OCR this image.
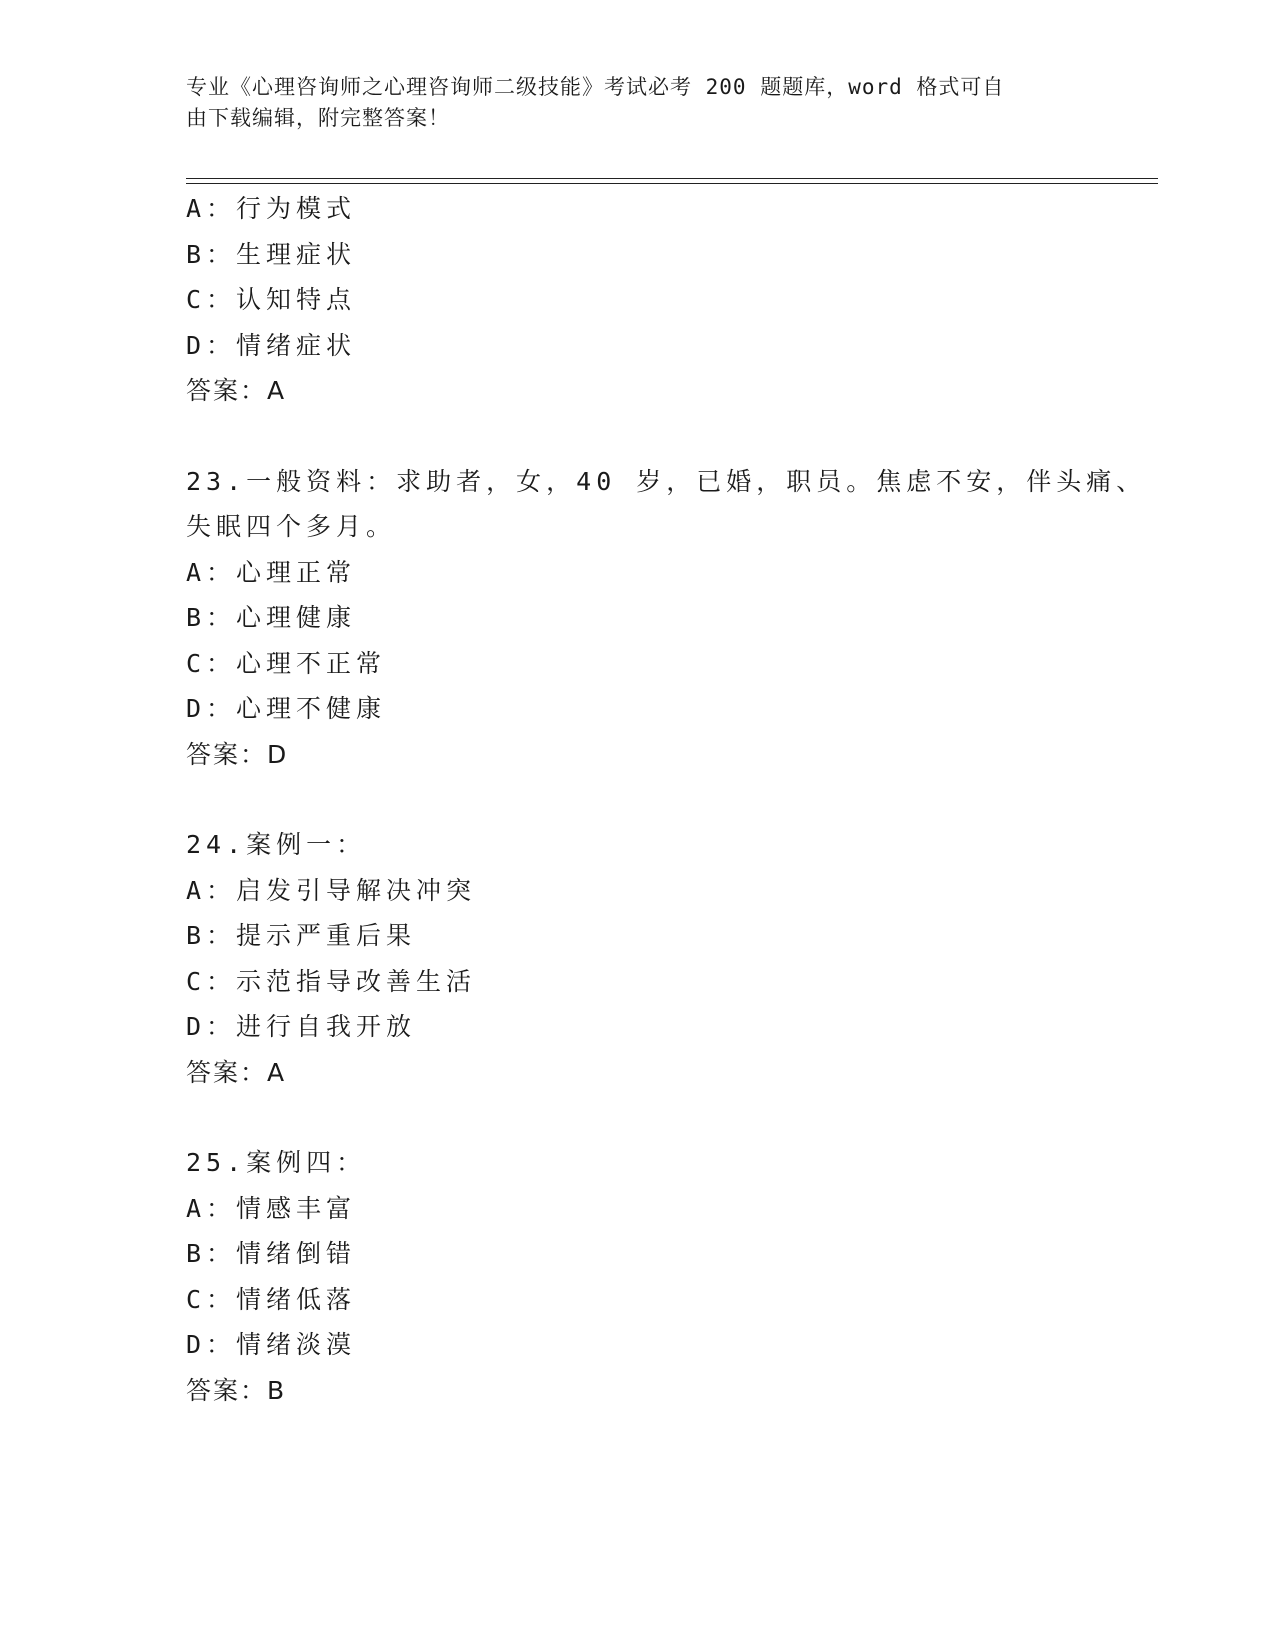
专业《心理咨询师之心理咨询师二级技能》考试必考 200 题题库，word 格式可自
由下载编辑，附完整答案！
A：行为模式
B：生理症状
C：认知特点
D：情绪症状
答案：A
23.一般资料：求助者，女，40 岁，已婚，职员。焦虑不安，伴头痛、
失眠四个多月。
A：心理正常
B：心理健康
C：心理不正常
D：心理不健康
答案：D
24.案例一：
A：启发引导解决冲突
B：提示严重后果
C：示范指导改善生活
D：进行自我开放
答案：A
25.案例四：
A：情感丰富
B：情绪倒错
C：情绪低落
D：情绪淡漠
答案：B
